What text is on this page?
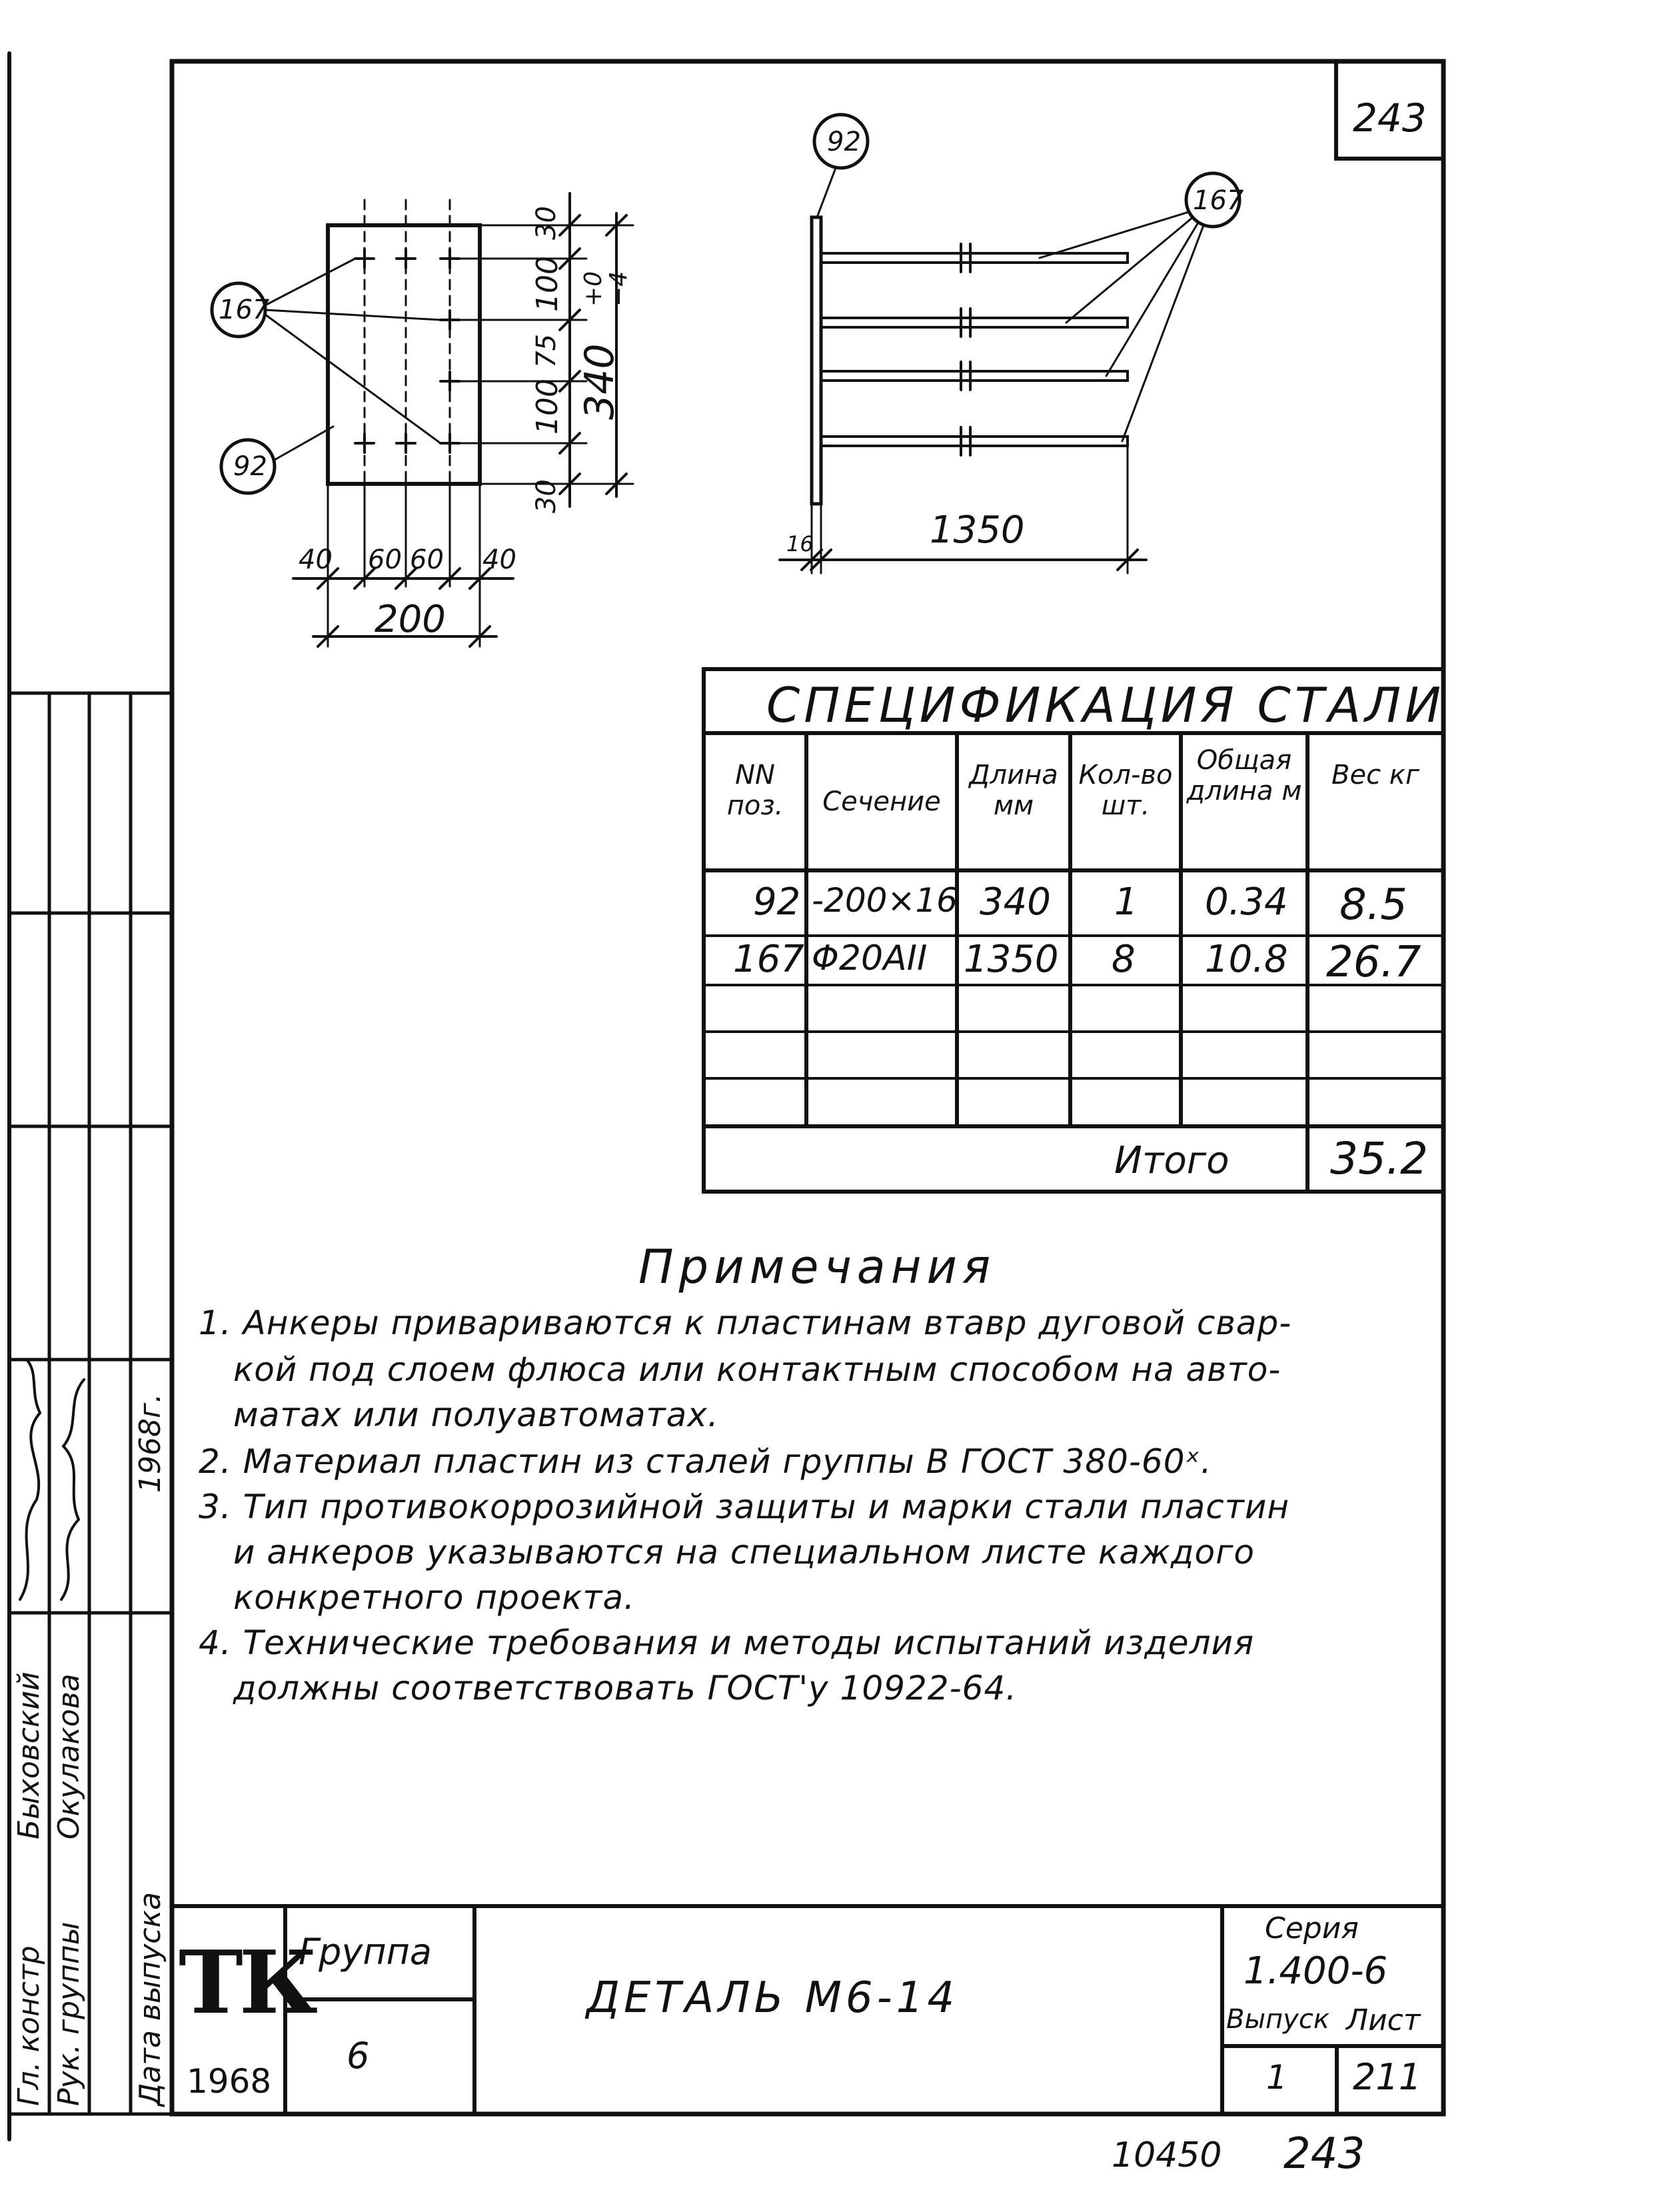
243
167
92
30
100
75
100
30
340
+0
−4
40 60 60 40
200
92
167
16	1350
СПЕЦИФИКАЦИЯ СТАЛИ
NN поз.	Сечение
Длина мм
Кол-во шт.
Общая длина м
Вес кг
92 -200×16 340 1 0.34 8.5
167 Φ20AII 1350 8 10.8 26.7
Итого 35.2
Примечания
1. Анкеры привариваются к пластинам втавр дуговой свар-
кой под слоем флюса или контактным способом на авто-
матах или полуавтоматах.
2. Материал пластин из сталей группы В ГОСТ 380-60ˣ.
3. Тип противокоррозийной защиты и марки стали пластин
и анкеров указываются на специальном листе каждого
конкретного проекта.
4. Технические требования и методы испытаний изделия
должны соответствовать ГОСТ'у 10922-64.
ТК
1968
Группа
6
ДЕТАЛЬ М6-14
Серия
1.400-6
Выпуск
1
Лист
211
Гл. констр Рук. группы Дата выпуска
Быховский Окулакова
1968г.
10450 243
